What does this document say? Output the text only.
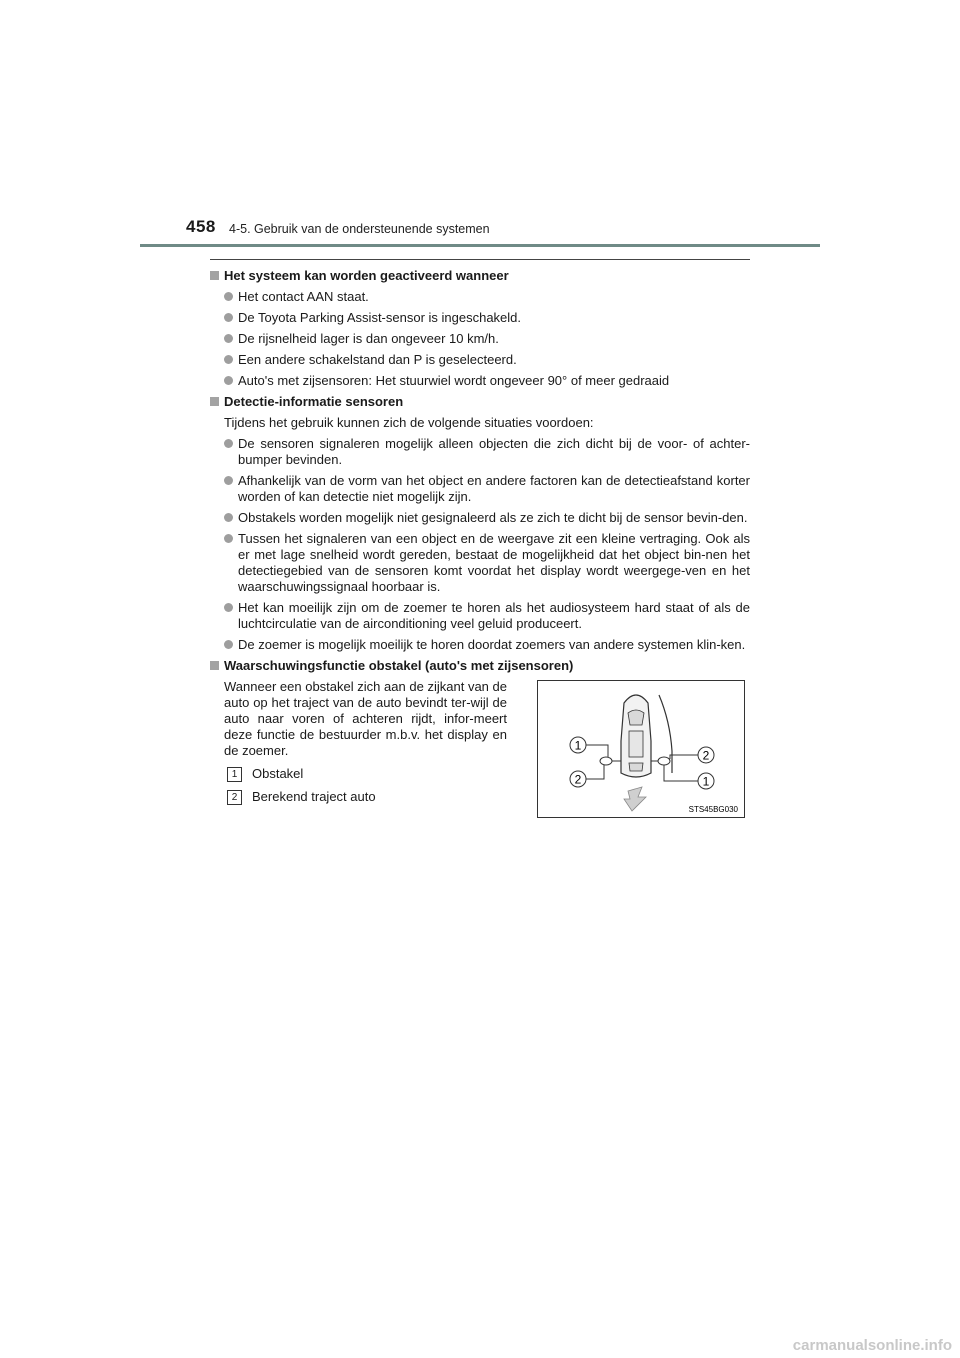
458 4-5. Gebruik van de ondersteunende systemen
Het systeem kan worden geactiveerd wanneer
Het contact AAN staat.
De Toyota Parking Assist-sensor is ingeschakeld.
De rijsnelheid lager is dan ongeveer 10 km/h.
Een andere schakelstand dan P is geselecteerd.
Auto's met zijsensoren: Het stuurwiel wordt ongeveer 90° of meer gedraaid
Detectie-informatie sensoren
Tijdens het gebruik kunnen zich de volgende situaties voordoen:
De sensoren signaleren mogelijk alleen objecten die zich dicht bij de voor- of achter-bumper bevinden.
Afhankelijk van de vorm van het object en andere factoren kan de detectieafstand korter worden of kan detectie niet mogelijk zijn.
Obstakels worden mogelijk niet gesignaleerd als ze zich te dicht bij de sensor bevin-den.
Tussen het signaleren van een object en de weergave zit een kleine vertraging. Ook als er met lage snelheid wordt gereden, bestaat de mogelijkheid dat het object bin-nen het detectiegebied van de sensoren komt voordat het display wordt weergege-ven en het waarschuwingssignaal hoorbaar is.
Het kan moeilijk zijn om de zoemer te horen als het audiosysteem hard staat of als de luchtcirculatie van de airconditioning veel geluid produceert.
De zoemer is mogelijk moeilijk te horen doordat zoemers van andere systemen klin-ken.
Waarschuwingsfunctie obstakel (auto's met zijsensoren)
Wanneer een obstakel zich aan de zijkant van de auto op het traject van de auto bevindt ter-wijl de auto naar voren of achteren rijdt, infor-meert deze functie de bestuurder m.b.v. het display en de zoemer.
1	Obstakel
2	Berekend traject auto
1
2
2
1
STS45BG030
carmanualsonline.info
